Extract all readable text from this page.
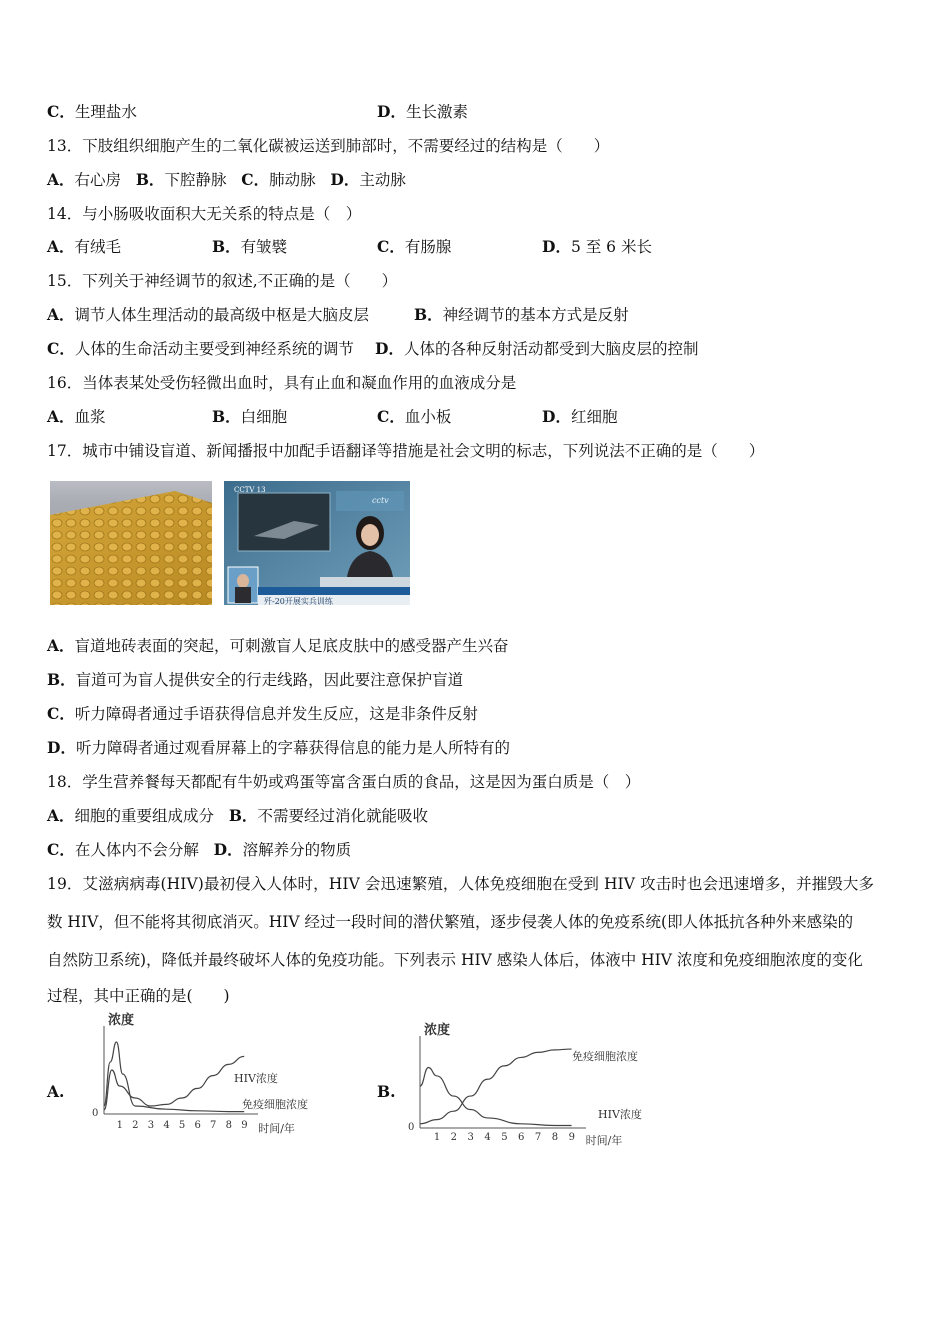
C．生理盐水	D．生长激素
13．下肢组织细胞产生的二氧化碳被运送到肺部时，不需要经过的结构是（　　）
A．右心房 B．下腔静脉 C．肺动脉 D．主动脉
14．与小肠吸收面积大无关系的特点是（　）
A．有绒毛	B．有皱襞	C．有肠腺	D．5 至 6 米长
15．下列关于神经调节的叙述,不正确的是（　　）
A．调节人体生理活动的最高级中枢是大脑皮层	B．神经调节的基本方式是反射
C．人体的生命活动主要受到神经系统的调节 D．人体的各种反射活动都受到大脑皮层的控制
16．当体表某处受伤轻微出血时，具有止血和凝血作用的血液成分是
A．血浆	B．白细胞	C．血小板	D．红细胞
17．城市中铺设盲道、新闻播报中加配手语翻译等措施是社会文明的标志，下列说法不正确的是（　　）
CCTV 13
cctv
歼-20开展实兵训练
A．盲道地砖表面的突起，可刺激盲人足底皮肤中的感受器产生兴奋
B．盲道可为盲人提供安全的行走线路，因此要注意保护盲道
C．听力障碍者通过手语获得信息并发生反应，这是非条件反射
D．听力障碍者通过观看屏幕上的字幕获得信息的能力是人所特有的
18．学生营养餐每天都配有牛奶或鸡蛋等富含蛋白质的食品，这是因为蛋白质是（　）
A．细胞的重要组成成分 B．不需要经过消化就能吸收
C．在人体内不会分解 D．溶解养分的物质
19．艾滋病病毒(HIV)最初侵入人体时，HIV 会迅速繁殖，人体免疫细胞在受到 HIV 攻击时也会迅速增多，并摧毁大多
数 HIV，但不能将其彻底消灭。HIV 经过一段时间的潜伏繁殖，逐步侵袭人体的免疫系统(即人体抵抗各种外来感染的
自然防卫系统)，降低并最终破坏人体的免疫功能。下列表示 HIV 感染人体后，体液中 HIV 浓度和免疫细胞浓度的变化
过程，其中正确的是(　　)
A.	B.
浓度
0
1 2 3 4 5 6 7 8 9 时间/年
HIV浓度
免疫细胞浓度
浓度
0
1 2 3 4 5 6 7 8 9 时间/年
免疫细胞浓度
HIV浓度
